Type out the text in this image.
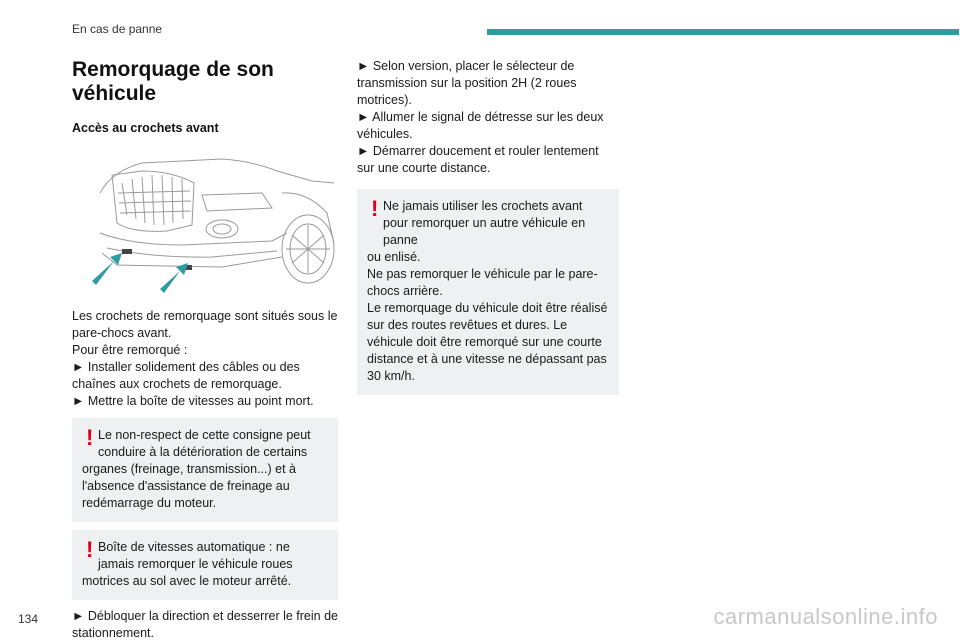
En cas de panne
Remorquage de son véhicule
Accès au crochets avant

Les crochets de remorquage sont situés sous le pare-chocs avant.

Pour être remorqué :

► Installer solidement des câbles ou des chaînes aux crochets de remorquage.

► Mettre la boîte de vitesses au point mort.

! Le non-respect de cette consigne peut conduire à la détérioration de certains

organes (freinage, transmission...) et à l'absence d'assistance de freinage au redémarrage du moteur.

! Boîte de vitesses automatique : ne jamais remorquer le véhicule roues

motrices au sol avec le moteur arrêté.

► Débloquer la direction et desserrer le frein de stationnement.

► Selon version, placer le sélecteur de transmission sur la position 2H (2 roues motrices).

► Allumer le signal de détresse sur les deux véhicules.

► Démarrer doucement et rouler lentement sur une courte distance.

! Ne jamais utiliser les crochets avant pour remorquer un autre véhicule en panne

ou enlisé.

Ne pas remorquer le véhicule par le pare-chocs arrière.

Le remorquage du véhicule doit être réalisé sur des routes revêtues et dures. Le véhicule doit être remorqué sur une courte distance et à une vitesse ne dépassant pas 30 km/h.

134	carmanualsonline.info
